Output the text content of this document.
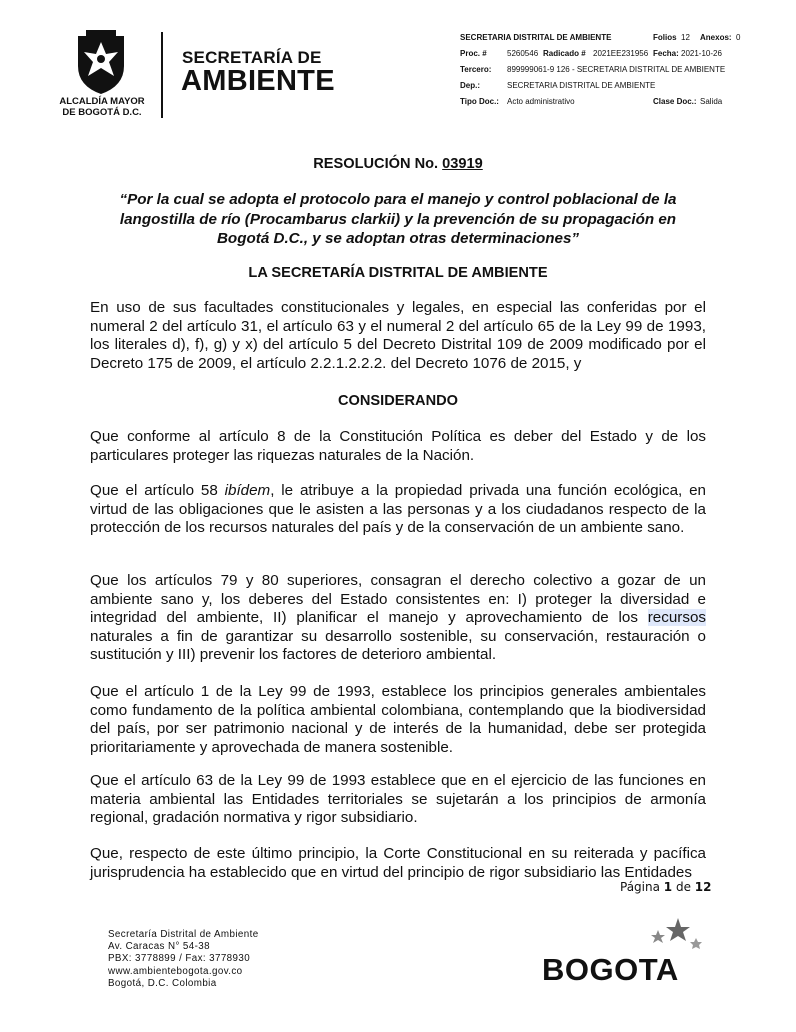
ALCALDÍA MAYOR
DE BOGOTÁ D.C.
SECRETARÍA DE
AMBIENTE
SECRETARIA DISTRITAL DE AMBIENTE	Folios 12 Anexos: 0
Proc. #	5260546 Radicado # 2021EE231956 Fecha: 2021-10-26
Tercero: 899999061-9 126 - SECRETARIA DISTRITAL DE AMBIENTE
Dep.:	SECRETARIA DISTRITAL DE AMBIENTE
Tipo Doc.: Acto administrativo	Clase Doc.: Salida
RESOLUCIÓN No. 03919
“Por la cual se adopta el protocolo para el manejo y control poblacional de la
langostilla de río (Procambarus clarkii) y la prevención de su propagación en
Bogotá D.C., y se adoptan otras determinaciones”
LA SECRETARÍA DISTRITAL DE AMBIENTE
En uso de sus facultades constitucionales y legales, en especial las conferidas por el numeral 2 del artículo 31, el artículo 63 y el numeral 2 del artículo 65 de la Ley 99 de 1993, los literales d), f), g) y x) del artículo 5 del Decreto Distrital 109 de 2009 modificado por el Decreto 175 de 2009, el artículo 2.2.1.2.2.2. del Decreto 1076 de 2015, y
CONSIDERANDO
Que conforme al artículo 8 de la Constitución Política es deber del Estado y de los particulares proteger las riquezas naturales de la Nación.
Que el artículo 58 ibídem, le atribuye a la propiedad privada una función ecológica, en virtud de las obligaciones que le asisten a las personas y a los ciudadanos respecto de la protección de los recursos naturales del país y de la conservación de un ambiente sano.
Que los artículos 79 y 80 superiores, consagran el derecho colectivo a gozar de un ambiente sano y, los deberes del Estado consistentes en: I) proteger la diversidad e integridad del ambiente, II) planificar el manejo y aprovechamiento de los recursos naturales a fin de garantizar su desarrollo sostenible, su conservación, restauración o sustitución y III) prevenir los factores de deterioro ambiental.
Que el artículo 1 de la Ley 99 de 1993, establece los principios generales ambientales como fundamento de la política ambiental colombiana, contemplando que la biodiversidad del país, por ser patrimonio nacional y de interés de la humanidad, debe ser protegida prioritariamente y aprovechada de manera sostenible.
Que el artículo 63 de la Ley 99 de 1993 establece que en el ejercicio de las funciones en materia ambiental las Entidades territoriales se sujetarán a los principios de armonía regional, gradación normativa y rigor subsidiario.
Que, respecto de este último principio, la Corte Constitucional en su reiterada y pacífica jurisprudencia ha establecido que en virtud del principio de rigor subsidiario las Entidades
Página 1 de 12
Secretaría Distrital de Ambiente
Av. Caracas N° 54-38
PBX: 3778899 / Fax: 3778930
www.ambientebogota.gov.co
Bogotá, D.C. Colombia	BOGOTA
